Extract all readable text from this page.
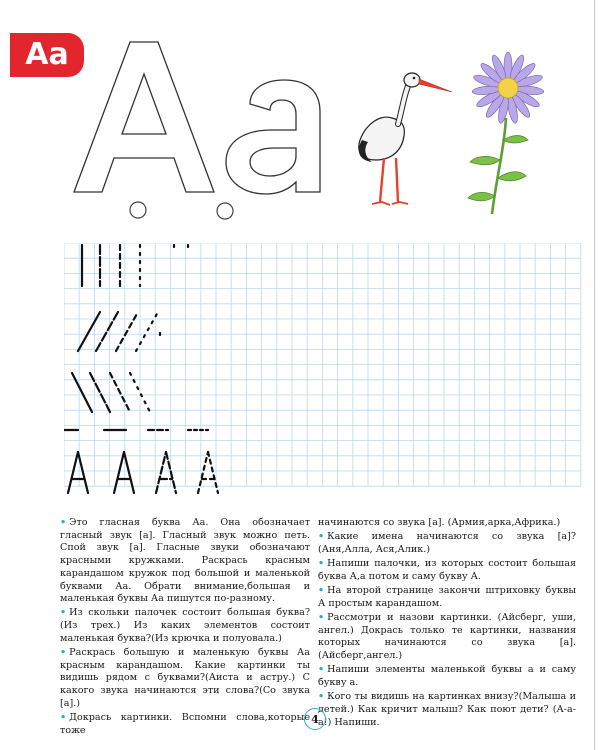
Аа

• Это гласная буква Аа. Она обозначает гласный звук [а]. Гласный звук можно петь. Спой звук [а]. Гласные звуки обозначают красными кружками. Раскрась красным карандашом кружок под большой и маленькой буквами Аа. Обрати внимание,большая и маленькая буквы Аа пишутся по-разному.

• Из скольки палочек состоит большая буква?(Из трех.) Из каких элементов состоит маленькая буква?(Из крючка и полуовала.)

• Раскрась большую и маленькую буквы Аа красным карандашом. Какие картинки ты видишь рядом с буквами?(Аиста и астру.) С какого звука начинаются эти слова?(Со звука [а].)

• Докрась картинки. Вспомни слова,которые тоже

начинаются со звука [а]. (Армия,арка,Африка.)

• Какие имена начинаются со звука [а]?(Аня,Алла, Ася,Алик.)

• Напиши палочки, из которых состоит большая буква А,а потом и саму букву А.

• На второй странице закончи штриховку буквы А простым карандашом.

• Рассмотри и назови картинки. (Айсберг, уши, ангел.) Докрась только те картинки, названия которых начинаются со звука [а]. (Айсберг,ангел.)

• Напиши элементы маленькой буквы а и саму букву а.

• Кого ты видишь на картинках внизу?(Малыша и детей.) Как кричит малыш? Как поют дети? (А-а-а!) Напиши.

4
